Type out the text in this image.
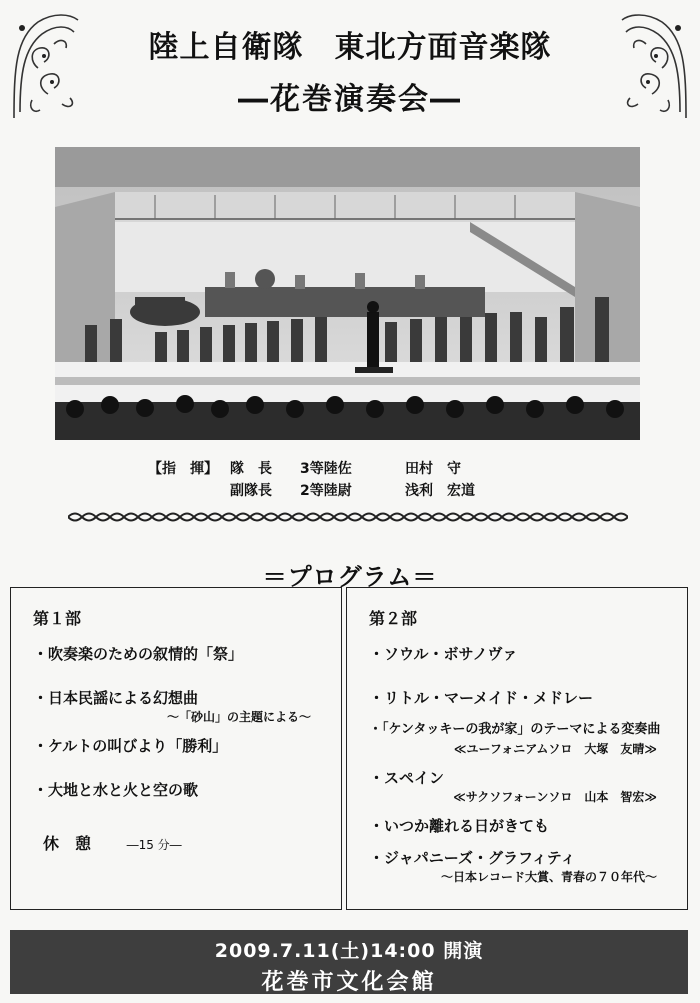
陸上自衛隊　東北方面音楽隊
―花巻演奏会―
【指　揮】 隊　長	3等陸佐	田村　守
副隊長	2等陸尉	浅利　宏道
＝プログラム＝
第１部
・吹奏楽のための叙情的「祭」
・日本民謡による幻想曲
～「砂山」の主題による～
・ケルトの叫びより「勝利」
・大地と水と火と空の歌
休　憩	―15 分―
第２部
・ソウル・ボサノヴァ
・リトル・マーメイド・メドレー
・「ケンタッキーの我が家」のテーマによる変奏曲
≪ユーフォニアムソロ　大塚　友晴≫
・スペイン
≪サクソフォーンソロ　山本　智宏≫
・いつか離れる日がきても
・ジャパニーズ・グラフィティ
～日本レコード大賞、青春の７０年代～
2009.7.11(土)14:00 開演
花巻市文化会館
